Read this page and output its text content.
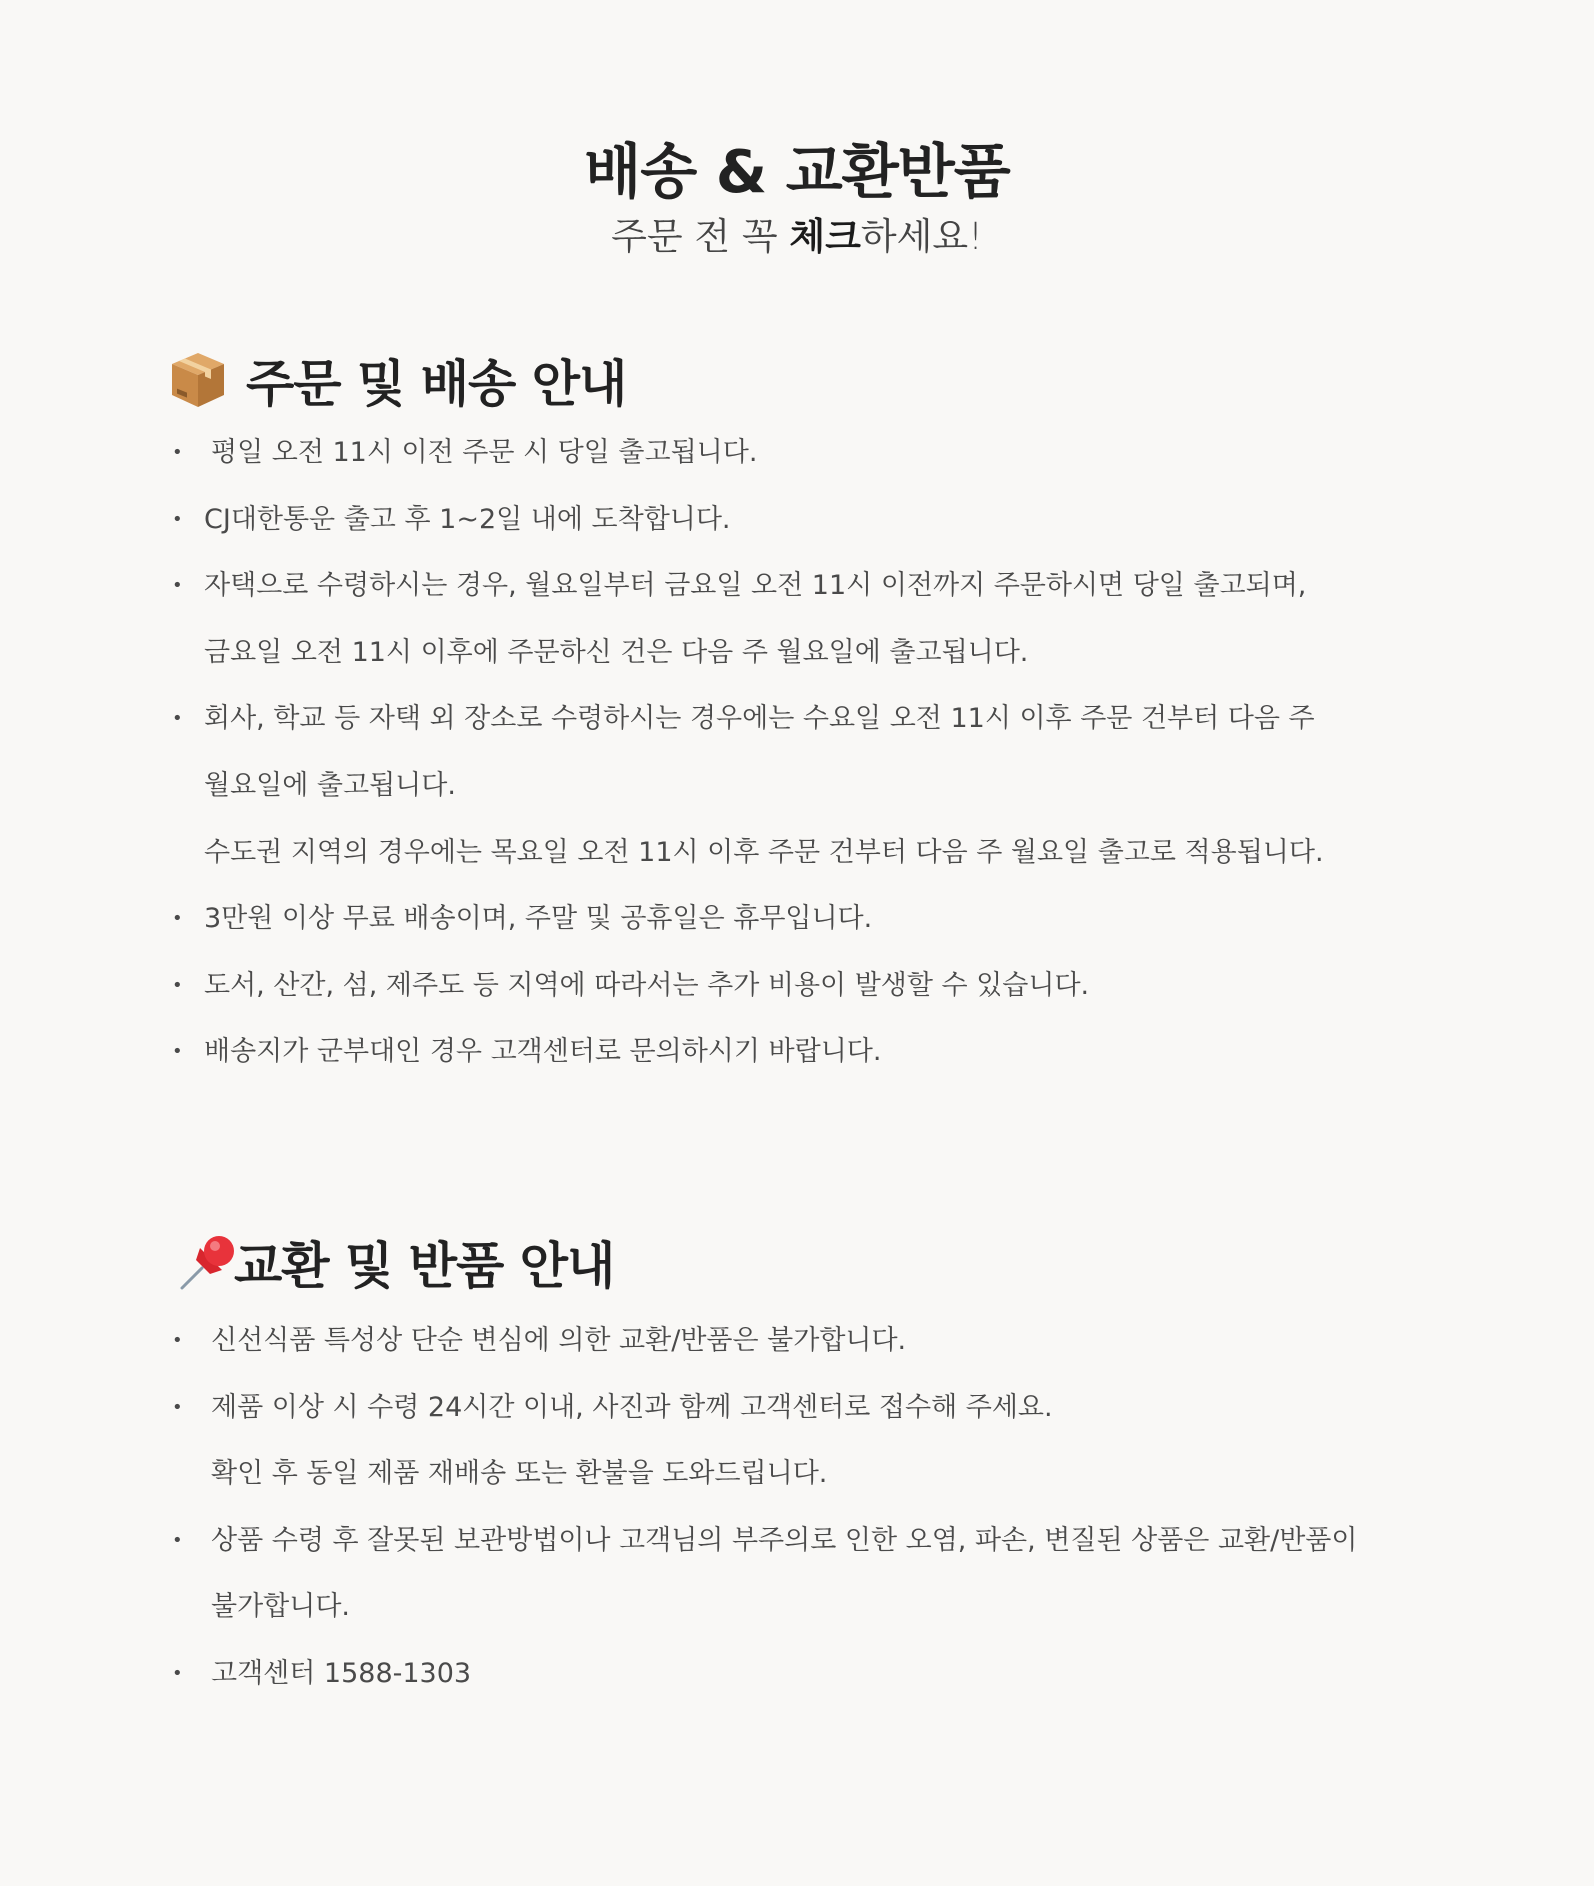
배송 & 교환반품
주문 전 꼭 체크하세요!
주문 및 배송 안내
• 평일 오전 11시 이전 주문 시 당일 출고됩니다.
• CJ대한통운 출고 후 1~2일 내에 도착합니다.
• 자택으로 수령하시는 경우, 월요일부터 금요일 오전 11시 이전까지 주문하시면 당일 출고되며,
금요일 오전 11시 이후에 주문하신 건은 다음 주 월요일에 출고됩니다.
• 회사, 학교 등 자택 외 장소로 수령하시는 경우에는 수요일 오전 11시 이후 주문 건부터 다음 주
월요일에 출고됩니다.
수도권 지역의 경우에는 목요일 오전 11시 이후 주문 건부터 다음 주 월요일 출고로 적용됩니다.
• 3만원 이상 무료 배송이며, 주말 및 공휴일은 휴무입니다.
• 도서, 산간, 섬, 제주도 등 지역에 따라서는 추가 비용이 발생할 수 있습니다.
• 배송지가 군부대인 경우 고객센터로 문의하시기 바랍니다.
교환 및 반품 안내
• 신선식품 특성상 단순 변심에 의한 교환/반품은 불가합니다.
• 제품 이상 시 수령 24시간 이내, 사진과 함께 고객센터로 접수해 주세요.
확인 후 동일 제품 재배송 또는 환불을 도와드립니다.
• 상품 수령 후 잘못된 보관방법이나 고객님의 부주의로 인한 오염, 파손, 변질된 상품은 교환/반품이
불가합니다.
• 고객센터 1588-1303
